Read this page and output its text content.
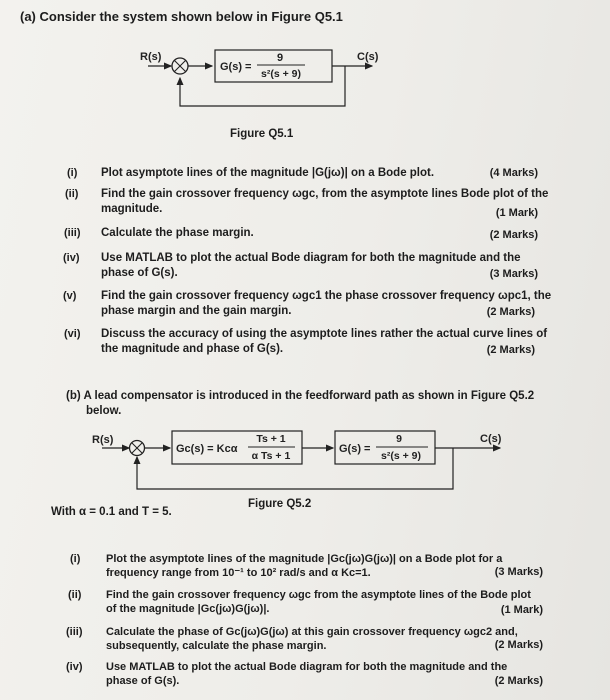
(a) Consider the system shown below in Figure Q5.1
R(s)
G(s) =
9
s²(s + 9)
C(s)
Figure Q5.1
(i) Plot asymptote lines of the magnitude |G(jω)| on a Bode plot.	(4 Marks)
(ii) Find the gain crossover frequency ωgc, from the asymptote lines Bode plot of the
magnitude.	(1 Mark)
(iii) Calculate the phase margin.	(2 Marks)
(iv) Use MATLAB to plot the actual Bode diagram for both the magnitude and the
phase of G(s).	(3 Marks)
(v) Find the gain crossover frequency ωgc1 the phase crossover frequency ωpc1, the
phase margin and the gain margin.	(2 Marks)
(vi) Discuss the accuracy of using the asymptote lines rather the actual curve lines of
the magnitude and phase of G(s).	(2 Marks)
(b) A lead compensator is introduced in the feedforward path as shown in Figure Q5.2
below.
R(s)
Gc(s) = Kcα
Ts + 1
α Ts + 1
G(s) =
9
s²(s + 9)
C(s)
With α = 0.1 and T = 5.
Figure Q5.2
(i) Plot the asymptote lines of the magnitude |Gc(jω)G(jω)| on a Bode plot for a
frequency range from 10⁻¹ to 10² rad/s and α Kc=1.	(3 Marks)
(ii) Find the gain crossover frequency ωgc from the asymptote lines of the Bode plot
of the magnitude |Gc(jω)G(jω)|.	(1 Mark)
(iii) Calculate the phase of Gc(jω)G(jω) at this gain crossover frequency ωgc2 and,
subsequently, calculate the phase margin.	(2 Marks)
(iv) Use MATLAB to plot the actual Bode diagram for both the magnitude and the
phase of G(s).	(2 Marks)
